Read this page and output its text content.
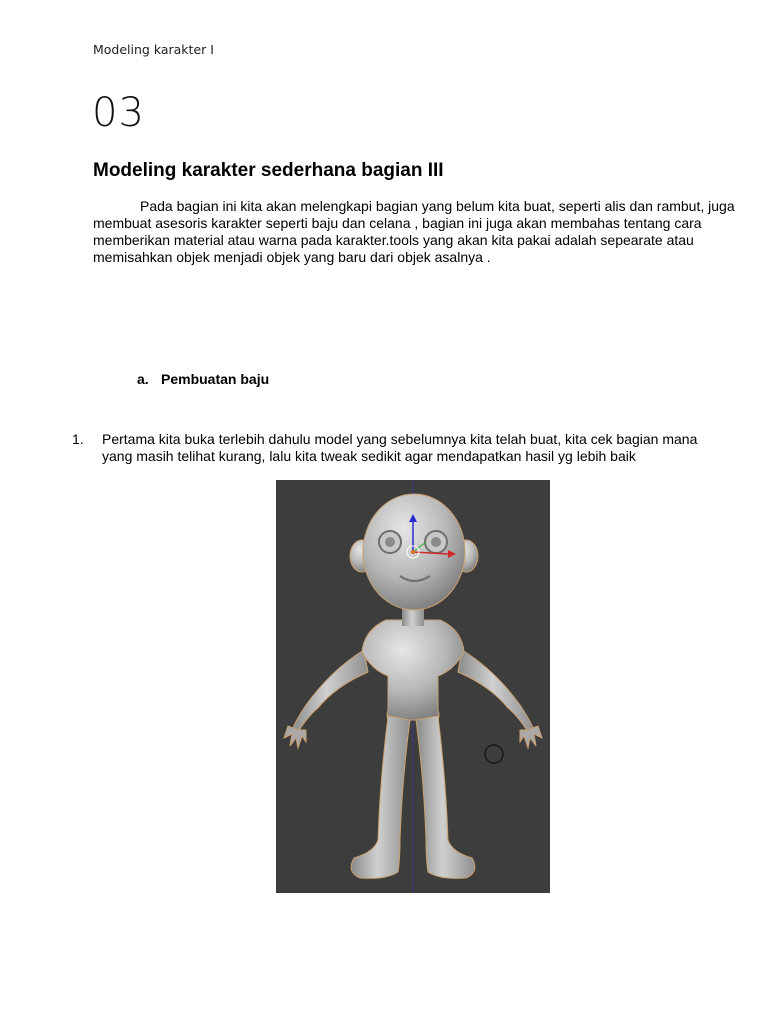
Modeling karakter I
03
Modeling karakter sederhana bagian III

Pada bagian ini kita akan melengkapi bagian yang belum kita buat, seperti alis dan rambut, juga membuat asesoris karakter seperti baju dan celana , bagian ini juga akan membahas tentang cara memberikan material atau warna pada karakter.tools yang akan kita pakai adalah sepearate atau memisahkan objek menjadi objek yang baru dari objek asalnya .

a. Pembuatan baju
1. Pertama kita buka terlebih dahulu model yang sebelumnya kita telah buat, kita cek bagian mana yang masih telihat kurang, lalu kita tweak sedikit agar mendapatkan hasil yg lebih baik
